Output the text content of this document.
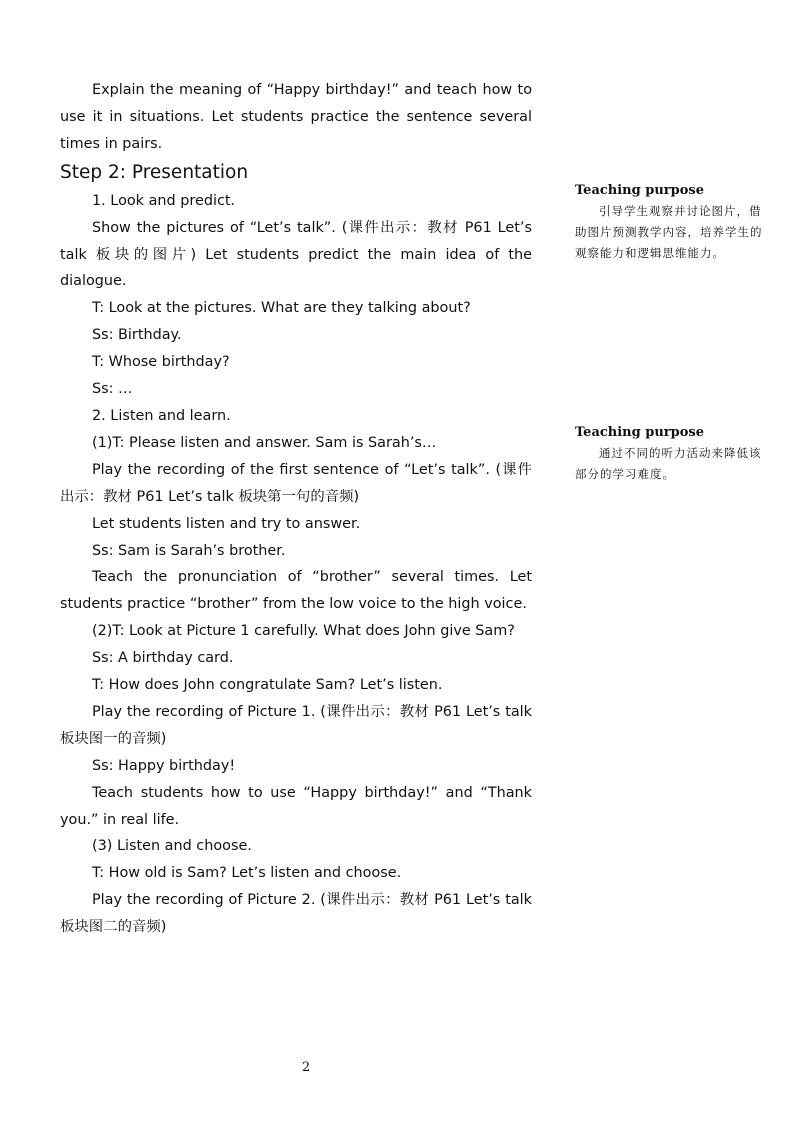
Explain the meaning of “Happy birthday!” and teach how to use it in situations. Let students practice the sentence several times in pairs.

Step 2: Presentation

1. Look and predict.

Show the pictures of “Let’s talk”. (课件出示：教材 P61 Let’s talk 板块的图片) Let students predict the main idea of the dialogue.

T: Look at the pictures. What are they talking about?

Ss: Birthday.

T: Whose birthday?

Ss: …

2. Listen and learn.

(1)T: Please listen and answer. Sam is Sarah’s…

Play the recording of the first sentence of “Let’s talk”. (课件出示：教材 P61 Let’s talk 板块第一句的音频)

Let students listen and try to answer.

Ss: Sam is Sarah’s brother.

Teach the pronunciation of “brother” several times. Let students practice “brother” from the low voice to the high voice.

(2)T: Look at Picture 1 carefully. What does John give Sam?

Ss: A birthday card.

T: How does John congratulate Sam? Let’s listen.

Play the recording of Picture 1. (课件出示：教材 P61 Let’s talk 板块图一的音频)

Ss: Happy birthday!

Teach students how to use “Happy birthday!” and “Thank you.” in real life.

(3) Listen and choose.

T: How old is Sam? Let’s listen and choose.

Play the recording of Picture 2. (课件出示：教材 P61 Let’s talk 板块图二的音频)

Teaching purpose
引导学生观察并讨论图片，借助图片预测教学内容，培养学生的观察能力和逻辑思维能力。
Teaching purpose
通过不同的听力活动来降低该部分的学习难度。
2
